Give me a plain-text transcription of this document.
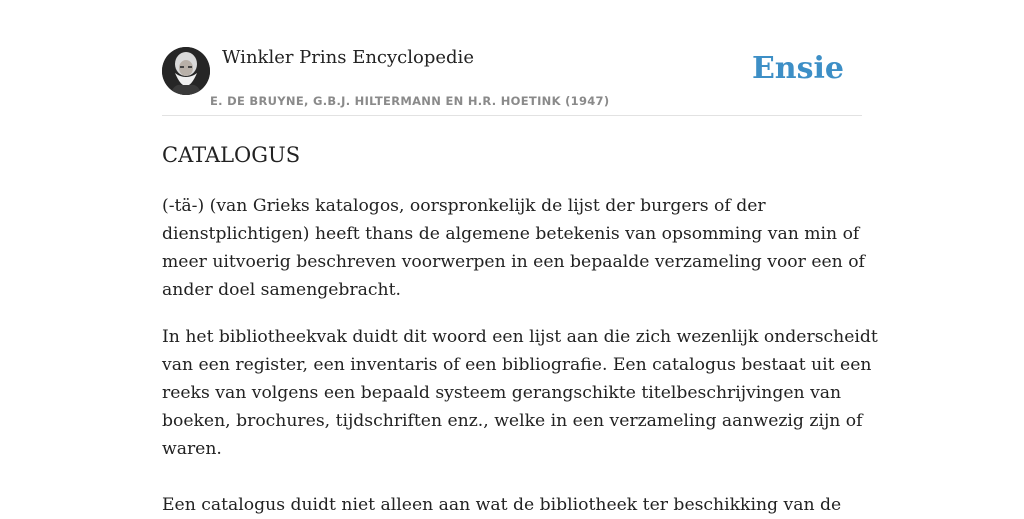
Winkler Prins Encyclopedie
E. DE BRUYNE, G.B.J. HILTERMANN EN H.R. HOETINK (1947)
Ensie
CATALOGUS

(-tä-) (van Grieks katalogos, oorspronkelijk de lijst der burgers of der
dienstplichtigen) heeft thans de algemene betekenis van opsomming van min of
meer uitvoerig beschreven voorwerpen in een bepaalde verzameling voor een of
ander doel samengebracht.

In het bibliotheekvak duidt dit woord een lijst aan die zich wezenlijk onderscheidt
van een register, een inventaris of een bibliografie. Een catalogus bestaat uit een
reeks van volgens een bepaald systeem gerangschikte titelbeschrijvingen van
boeken, brochures, tijdschriften enz., welke in een verzameling aanwezig zijn of
waren.

Een catalogus duidt niet alleen aan wat de bibliotheek ter beschikking van de
